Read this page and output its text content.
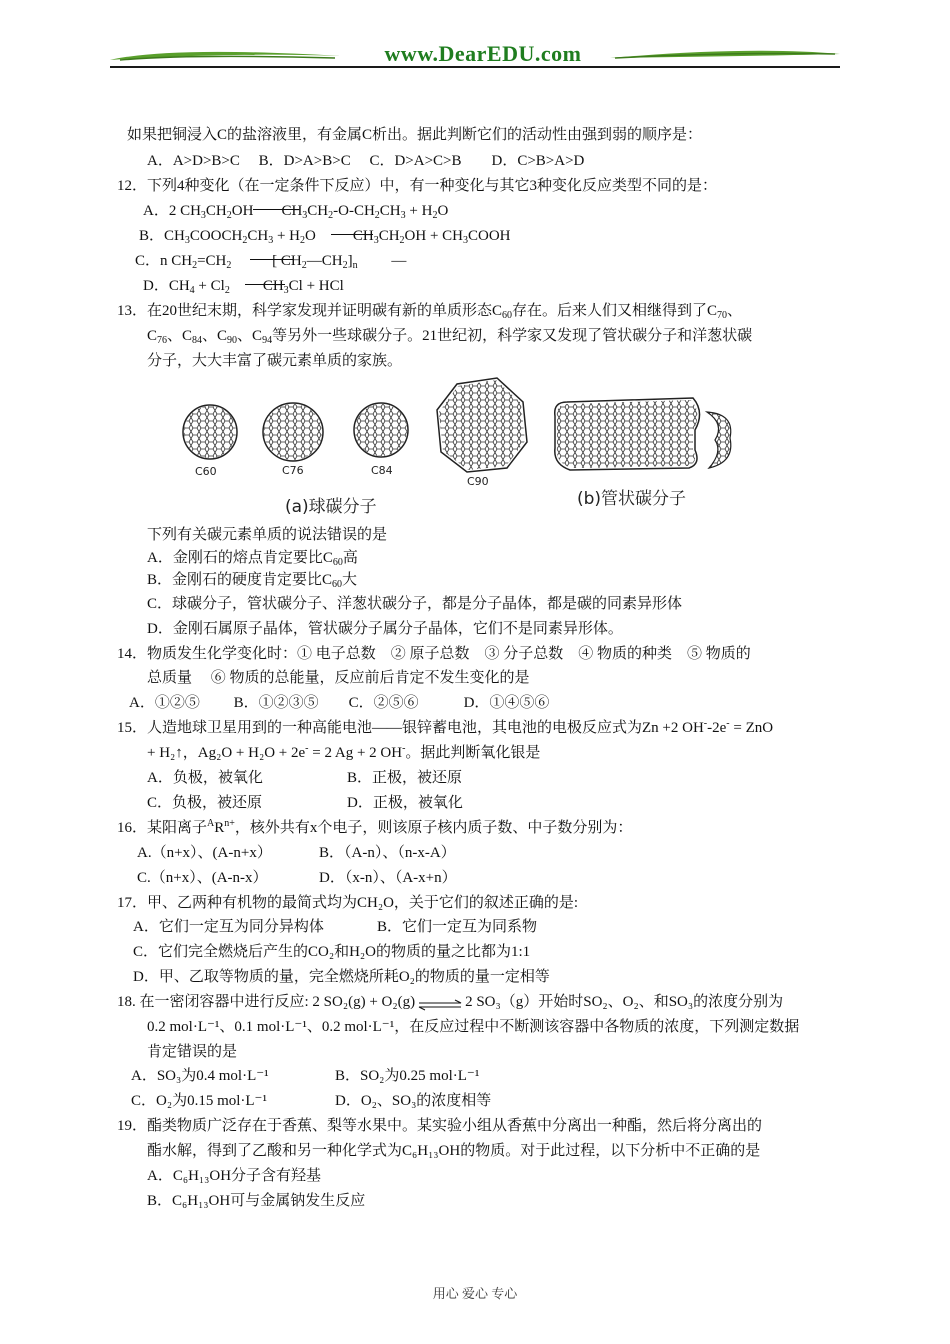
www.DearEDU.com
如果把铜浸入C的盐溶液里，有金属C析出。据此判断它们的活动性由强到弱的顺序是：
A．A>D>B>C　 B．D>A>B>C　 C．D>A>C>B　　D．C>B>A>D
12．下列4种变化（在一定条件下反应）中，有一种变化与其它3种变化反应类型不同的是：
A．2 $CH_3CH_2OH$ $CH_3CH_2-O-CH_2CH_3 + H_2O$
B．$CH_3COOCH_2CH_3 + H_2O$　$CH_3CH_2OH$ + $CH_3COOH$
C．n $CH_2=CH_2$　	[ $CH_2—CH_2]_n$　　 —
D．$CH_4 + Cl_2$　 $CH_3Cl$ + HCl
13．在20世纪末期，科学家发现并证明碳有新的单质形态$C_{60}$存在。后来人们又相继得到了$C_{70}$、
$C_{76}$、$C_{84}$、$C_{90}$、$C_{94}$等另外一些球碳分子。21世纪初，科学家又发现了管状碳分子和洋葱状碳
分子，大大丰富了碳元素单质的家族。
C60	C76	C84
C90
(a)球碳分子	(b)管状碳分子
下列有关碳元素单质的说法错误的是
A．金刚石的熔点肯定要比$C_{60}$高
B．金刚石的硬度肯定要比$C_{60}$大
C．球碳分子，管状碳分子、洋葱状碳分子，都是分子晶体，都是碳的同素异形体
D．金刚石属原子晶体，管状碳分子属分子晶体，它们不是同素异形体。
14．物质发生化学变化时：① 电子总数　② 原子总数　③ 分子总数　④ 物质的种类　⑤ 物质的
总质量　 ⑥ 物质的总能量，反应前后肯定不发生变化的是
A．①②⑤　　 B．①②③⑤　　C．②⑤⑥　　　D．①④⑤⑥
15．人造地球卫星用到的一种高能电池——银锌蓄电池，其电池的电极反应式为Zn +2 OH--2e- = ZnO
+ H₂↑，Ag₂O + H₂O + 2e- = 2 Ag + 2 OH-。据此判断氧化银是
A．负极，被氧化	B．正极，被还原
C．负极，被还原	D．正极，被氧化
16．某阳离子$^AR^{n+}$，核外共有x个电子，则该原子核内质子数、中子数分别为：
A.（n+x）、(A-n+x）	B．（A-n）、（n-x-A）
C.（n+x）、(A-n-x）	D．（x-n）、（A-x+n）
17．甲、乙两种有机物的最简式均为CH₂O，关于它们的叙述正确的是:
A．它们一定互为同分异构体	B．它们一定互为同系物
C．它们完全燃烧后产生的CO₂和H₂O的物质的量之比都为1:1
D．甲、乙取等物质的量，完全燃烧所耗O₂的物质的量一定相等
18. 在一密闭容器中进行反应: 2 SO₂(g) + O₂(g) ⇌ 2 SO₃（g）开始时SO₂、O₂、和SO₃的浓度分别为
0.2 mol·L⁻¹、0.1 mol·L⁻¹、0.2 mol·L⁻¹，在反应过程中不断测该容器中各物质的浓度，下列测定数据
肯定错误的是
A．SO₃为0.4 mol·L⁻¹	B．SO₂为0.25 mol·L⁻¹
C．O₂为0.15 mol·L⁻¹	D．O₂、SO₃的浓度相等
19．酯类物质广泛存在于香蕉、梨等水果中。某实验小组从香蕉中分离出一种酯，然后将分离出的
酯水解，得到了乙酸和另一种化学式为C₆H₁₃OH的物质。对于此过程，以下分析中不正确的是
A．C₆H₁₃OH分子含有羟基
B．C₆H₁₃OH可与金属钠发生反应
用心 爱心 专心
